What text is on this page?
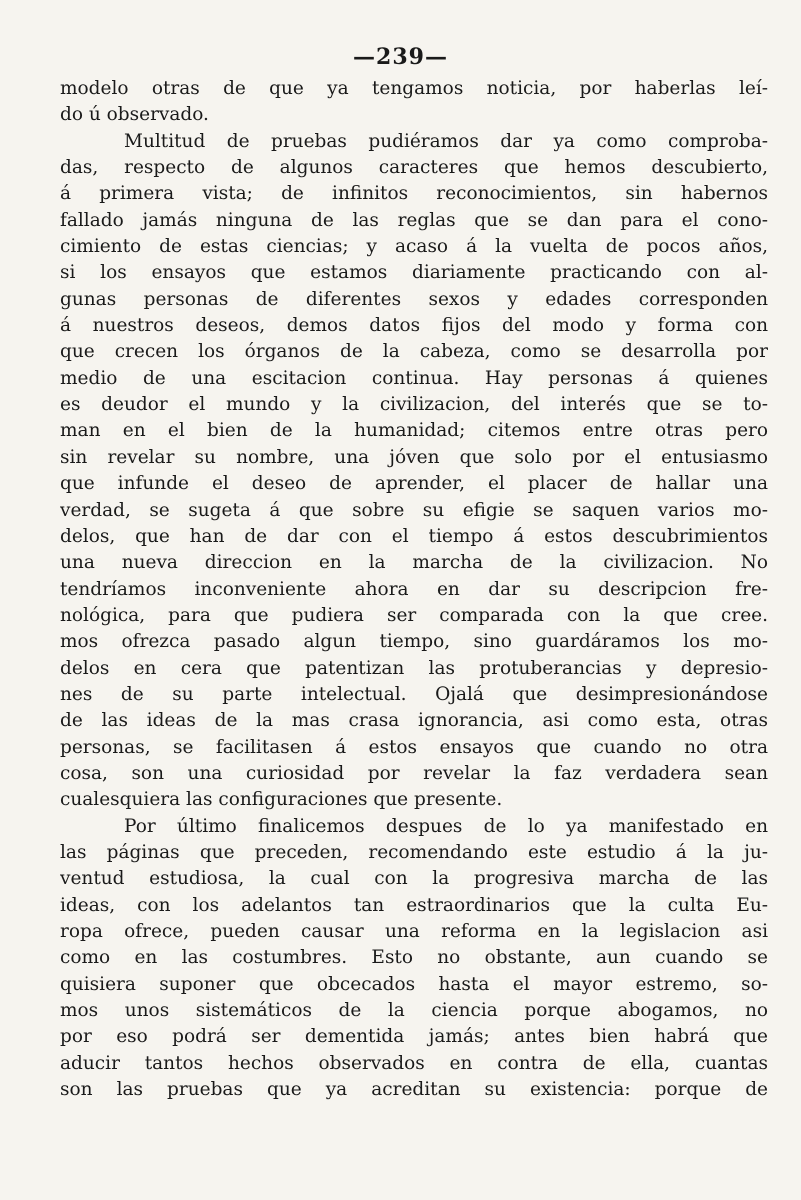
—239—
modelo otras de que ya tengamos noticia, por haberlas leí-
do ú observado.
Multitud de pruebas pudiéramos dar ya como comproba-
das, respecto de algunos caracteres que hemos descubierto,
á primera vista; de infinitos reconocimientos, sin habernos
fallado jamás ninguna de las reglas que se dan para el cono-
cimiento de estas ciencias; y acaso á la vuelta de pocos años,
si los ensayos que estamos diariamente practicando con al-
gunas personas de diferentes sexos y edades corresponden
á nuestros deseos, demos datos fijos del modo y forma con
que crecen los órganos de la cabeza, como se desarrolla por
medio de una escitacion continua. Hay personas á quienes
es deudor el mundo y la civilizacion, del interés que se to-
man en el bien de la humanidad; citemos entre otras pero
sin revelar su nombre, una jóven que solo por el entusiasmo
que infunde el deseo de aprender, el placer de hallar una
verdad, se sugeta á que sobre su efigie se saquen varios mo-
delos, que han de dar con el tiempo á estos descubrimientos
una nueva direccion en la marcha de la civilizacion. No
tendríamos inconveniente ahora en dar su descripcion fre-
nológica, para que pudiera ser comparada con la que cree.
mos ofrezca pasado algun tiempo, sino guardáramos los mo-
delos en cera que patentizan las protuberancias y depresio-
nes de su parte intelectual. Ojalá que desimpresionándose
de las ideas de la mas crasa ignorancia, asi como esta, otras
personas, se facilitasen á estos ensayos que cuando no otra
cosa, son una curiosidad por revelar la faz verdadera sean
cualesquiera las configuraciones que presente.
Por último finalicemos despues de lo ya manifestado en
las páginas que preceden, recomendando este estudio á la ju-
ventud estudiosa, la cual con la progresiva marcha de las
ideas, con los adelantos tan estraordinarios que la culta Eu-
ropa ofrece, pueden causar una reforma en la legislacion asi
como en las costumbres. Esto no obstante, aun cuando se
quisiera suponer que obcecados hasta el mayor estremo, so-
mos unos sistemáticos de la ciencia porque abogamos, no
por eso podrá ser dementida jamás; antes bien habrá que
aducir tantos hechos observados en contra de ella, cuantas
son las pruebas que ya acreditan su existencia: porque de
